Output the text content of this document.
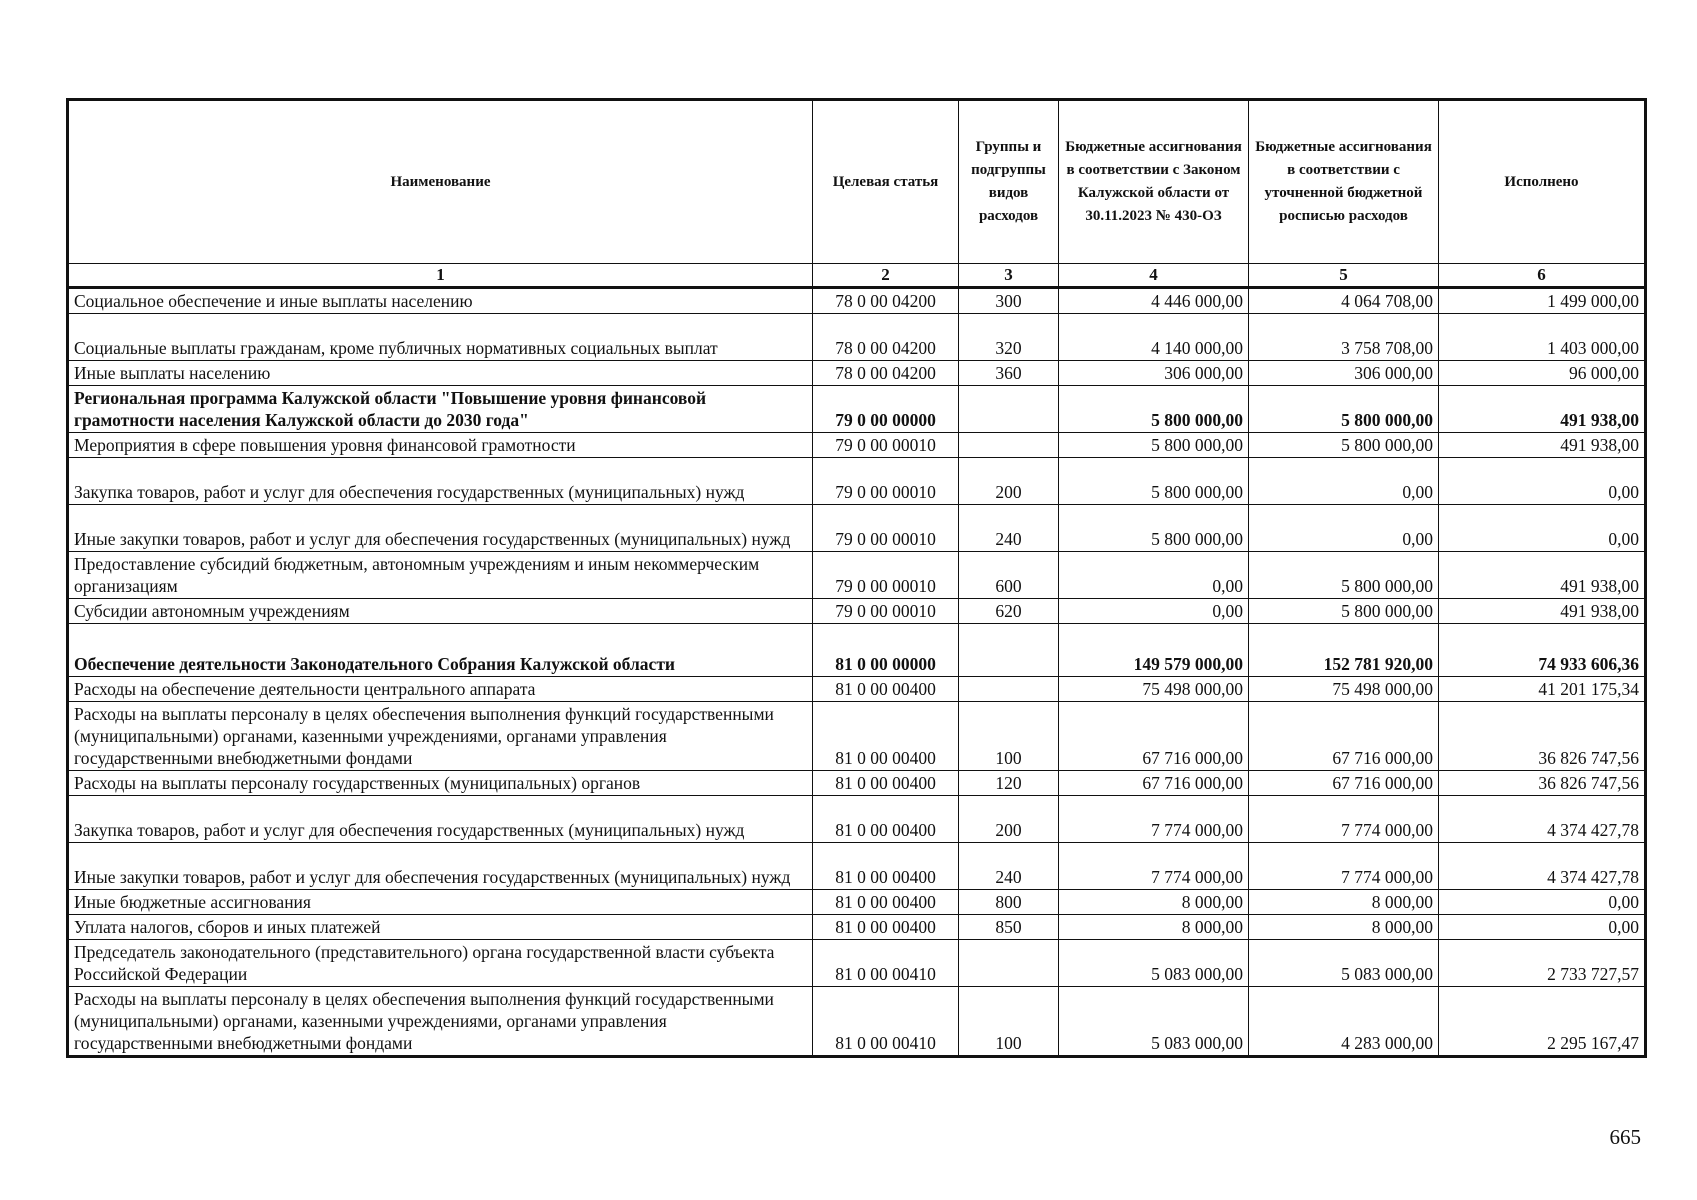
Наименование	Целевая статья	Группы и подгруппы видов расходов	Бюджетные ассигнования в соответствии с Законом Калужской области от 30.11.2023 № 430-ОЗ	Бюджетные ассигнования в соответствии с уточненной бюджетной росписью расходов	Исполнено
1	2	3	4	5	6
Социальное обеспечение и иные выплаты населению	78 0 00 04200	300	4 446 000,00	4 064 708,00	1 499 000,00
Социальные выплаты гражданам, кроме публичных нормативных социальных выплат	78 0 00 04200	320	4 140 000,00	3 758 708,00	1 403 000,00
Иные выплаты населению	78 0 00 04200	360	306 000,00	306 000,00	96 000,00
Региональная программа Калужской области "Повышение уровня финансовой грамотности населения Калужской области до 2030 года"	79 0 00 00000		5 800 000,00	5 800 000,00	491 938,00
Мероприятия в сфере повышения уровня финансовой грамотности	79 0 00 00010		5 800 000,00	5 800 000,00	491 938,00
Закупка товаров, работ и услуг для обеспечения государственных (муниципальных) нужд	79 0 00 00010	200	5 800 000,00	0,00	0,00
Иные закупки товаров, работ и услуг для обеспечения государственных (муниципальных) нужд	79 0 00 00010	240	5 800 000,00	0,00	0,00
Предоставление субсидий бюджетным, автономным учреждениям и иным некоммерческим организациям	79 0 00 00010	600	0,00	5 800 000,00	491 938,00
Субсидии автономным учреждениям	79 0 00 00010	620	0,00	5 800 000,00	491 938,00
Обеспечение деятельности Законодательного Собрания Калужской области	81 0 00 00000		149 579 000,00	152 781 920,00	74 933 606,36
Расходы на обеспечение деятельности центрального аппарата	81 0 00 00400		75 498 000,00	75 498 000,00	41 201 175,34
Расходы на выплаты персоналу в целях обеспечения выполнения функций государственными (муниципальными) органами, казенными учреждениями, органами управления государственными внебюджетными фондами	81 0 00 00400	100	67 716 000,00	67 716 000,00	36 826 747,56
Расходы на выплаты персоналу государственных (муниципальных) органов	81 0 00 00400	120	67 716 000,00	67 716 000,00	36 826 747,56
Закупка товаров, работ и услуг для обеспечения государственных (муниципальных) нужд	81 0 00 00400	200	7 774 000,00	7 774 000,00	4 374 427,78
Иные закупки товаров, работ и услуг для обеспечения государственных (муниципальных) нужд	81 0 00 00400	240	7 774 000,00	7 774 000,00	4 374 427,78
Иные бюджетные ассигнования	81 0 00 00400	800	8 000,00	8 000,00	0,00
Уплата налогов, сборов и иных платежей	81 0 00 00400	850	8 000,00	8 000,00	0,00
Председатель законодательного (представительного) органа государственной власти субъекта Российской Федерации	81 0 00 00410		5 083 000,00	5 083 000,00	2 733 727,57
Расходы на выплаты персоналу в целях обеспечения выполнения функций государственными (муниципальными) органами, казенными учреждениями, органами управления государственными внебюджетными фондами	81 0 00 00410	100	5 083 000,00	4 283 000,00	2 295 167,47
665
